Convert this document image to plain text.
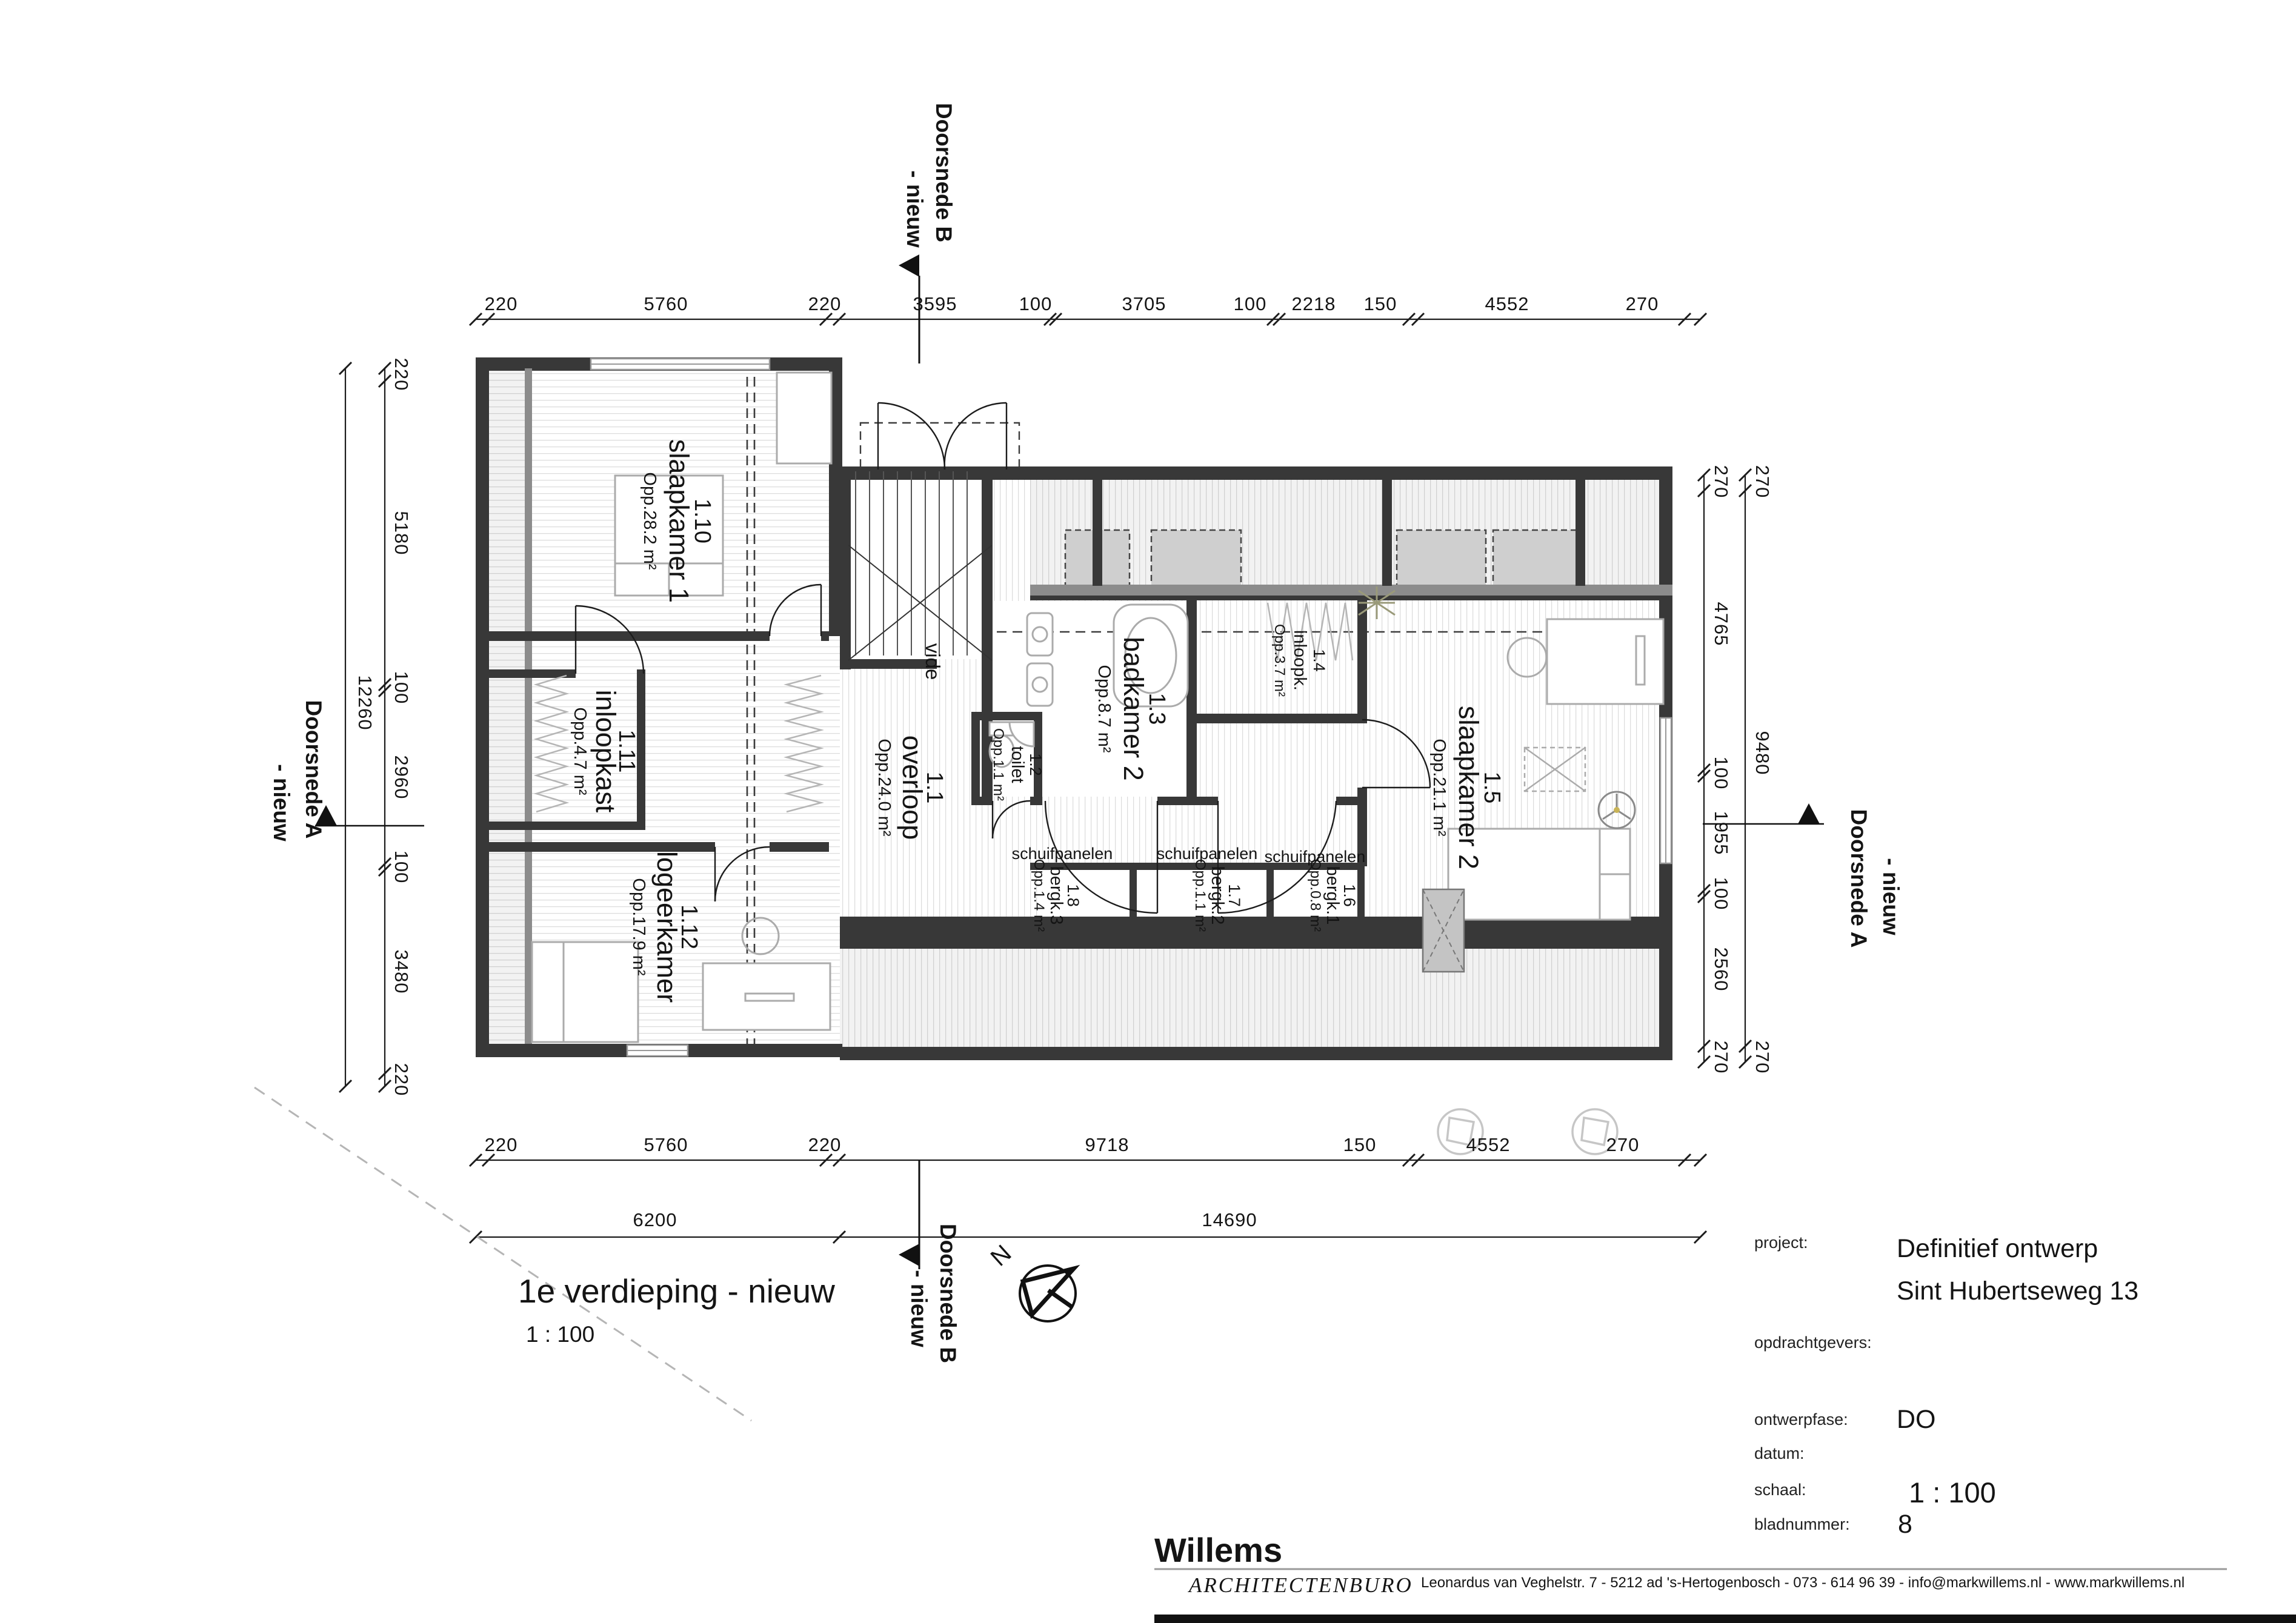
220	5760	220	3595	100	3705	100 2218 150	4552	270
220	5760	220	9718	150	4552	270
6200	14690
220
5180
100
2960
100
3480
220
12260
270
4765
100
1955
100
2560
270
270
9480
270
Doorsnede B
- nieuw
Doorsnede B
- nieuw
Doorsnede A
- nieuw
Doorsnede A - nieuw
1.10
slaapkamer 1
Opp.28.2 m²
1.11
inloopkast
Opp.4.7 m²
1.12
logeerkamer
Opp.17.9 m²
1.1
overloop
Opp.24.0 m²	1.2
toilet
Opp.1.1 m²
1.3
badkamer 2
Opp.8.7 m²
1.4
inloopk.
Opp.3.7 m²
1.5
slaapkamer 2
Opp.21.1 m²
1.6
bergk.1
Opp.0.8 m²
1.7
bergk.2
Opp.1.1 m²
1.8
bergk.3
Opp.1.4 m²
vide
schuifpanelen	schuifpanelen schuifpanelen
1e verdieping - nieuw
1 : 100
N	project:	Definitief ontwerp
Sint Hubertseweg 13
opdrachtgevers:
ontwerpfase: DO
datum:
schaal:	1 : 100
bladnummer: 8
Willems
ARCHITECTENBURO Leonardus van Veghelstr. 7 - 5212 ad 's-Hertogenbosch - 073 - 614 96 39 - info@markwillems.nl - www.markwillems.nl
